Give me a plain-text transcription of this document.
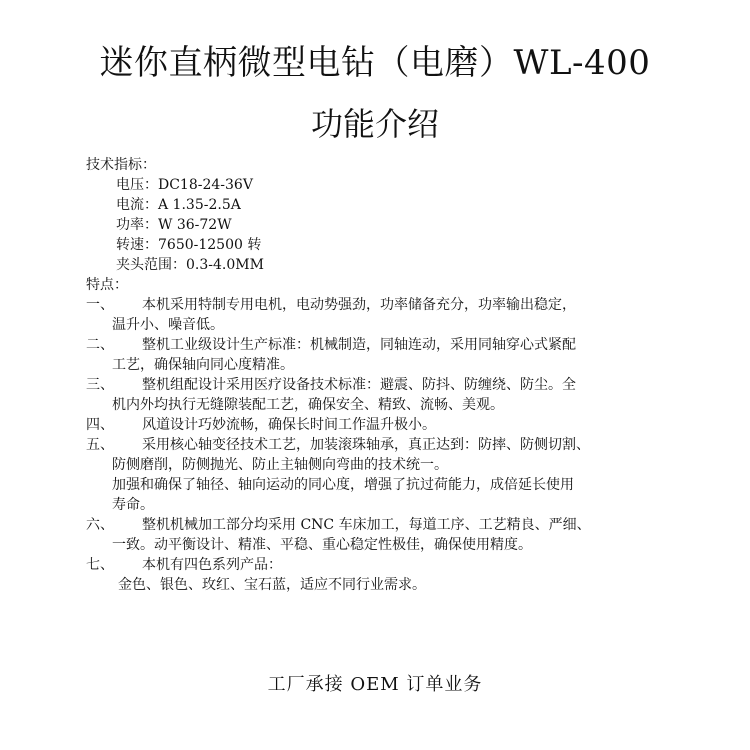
迷你直柄微型电钻（电磨）WL-400
功能介绍
技术指标：
电压：DC18-24-36V
电流：A 1.35-2.5A
功率：W 36-72W
转速：7650-12500 转
夹头范围：0.3-4.0MM
特点：
一、 本机采用特制专用电机，电动势强劲，功率储备充分，功率输出稳定，
温升小、噪音低。
二、 整机工业级设计生产标准：机械制造，同轴连动，采用同轴穿心式紧配
工艺，确保轴向同心度精准。
三、 整机组配设计采用医疗设备技术标准：避震、防抖、防缠绕、防尘。全
机内外均执行无缝隙装配工艺，确保安全、精致、流畅、美观。
四、 风道设计巧妙流畅，确保长时间工作温升极小。
五、 采用核心轴变径技术工艺，加装滚珠轴承，真正达到：防摔、防侧切割、
防侧磨削，防侧抛光、防止主轴侧向弯曲的技术统一。
加强和确保了轴径、轴向运动的同心度，增强了抗过荷能力，成倍延长使用
寿命。
六、 整机机械加工部分均采用 CNC 车床加工，每道工序、工艺精良、严细、
一致。动平衡设计、精准、平稳、重心稳定性极佳，确保使用精度。
七、 本机有四色系列产品：
金色、银色、玫红、宝石蓝，适应不同行业需求。
工厂承接 OEM 订单业务
